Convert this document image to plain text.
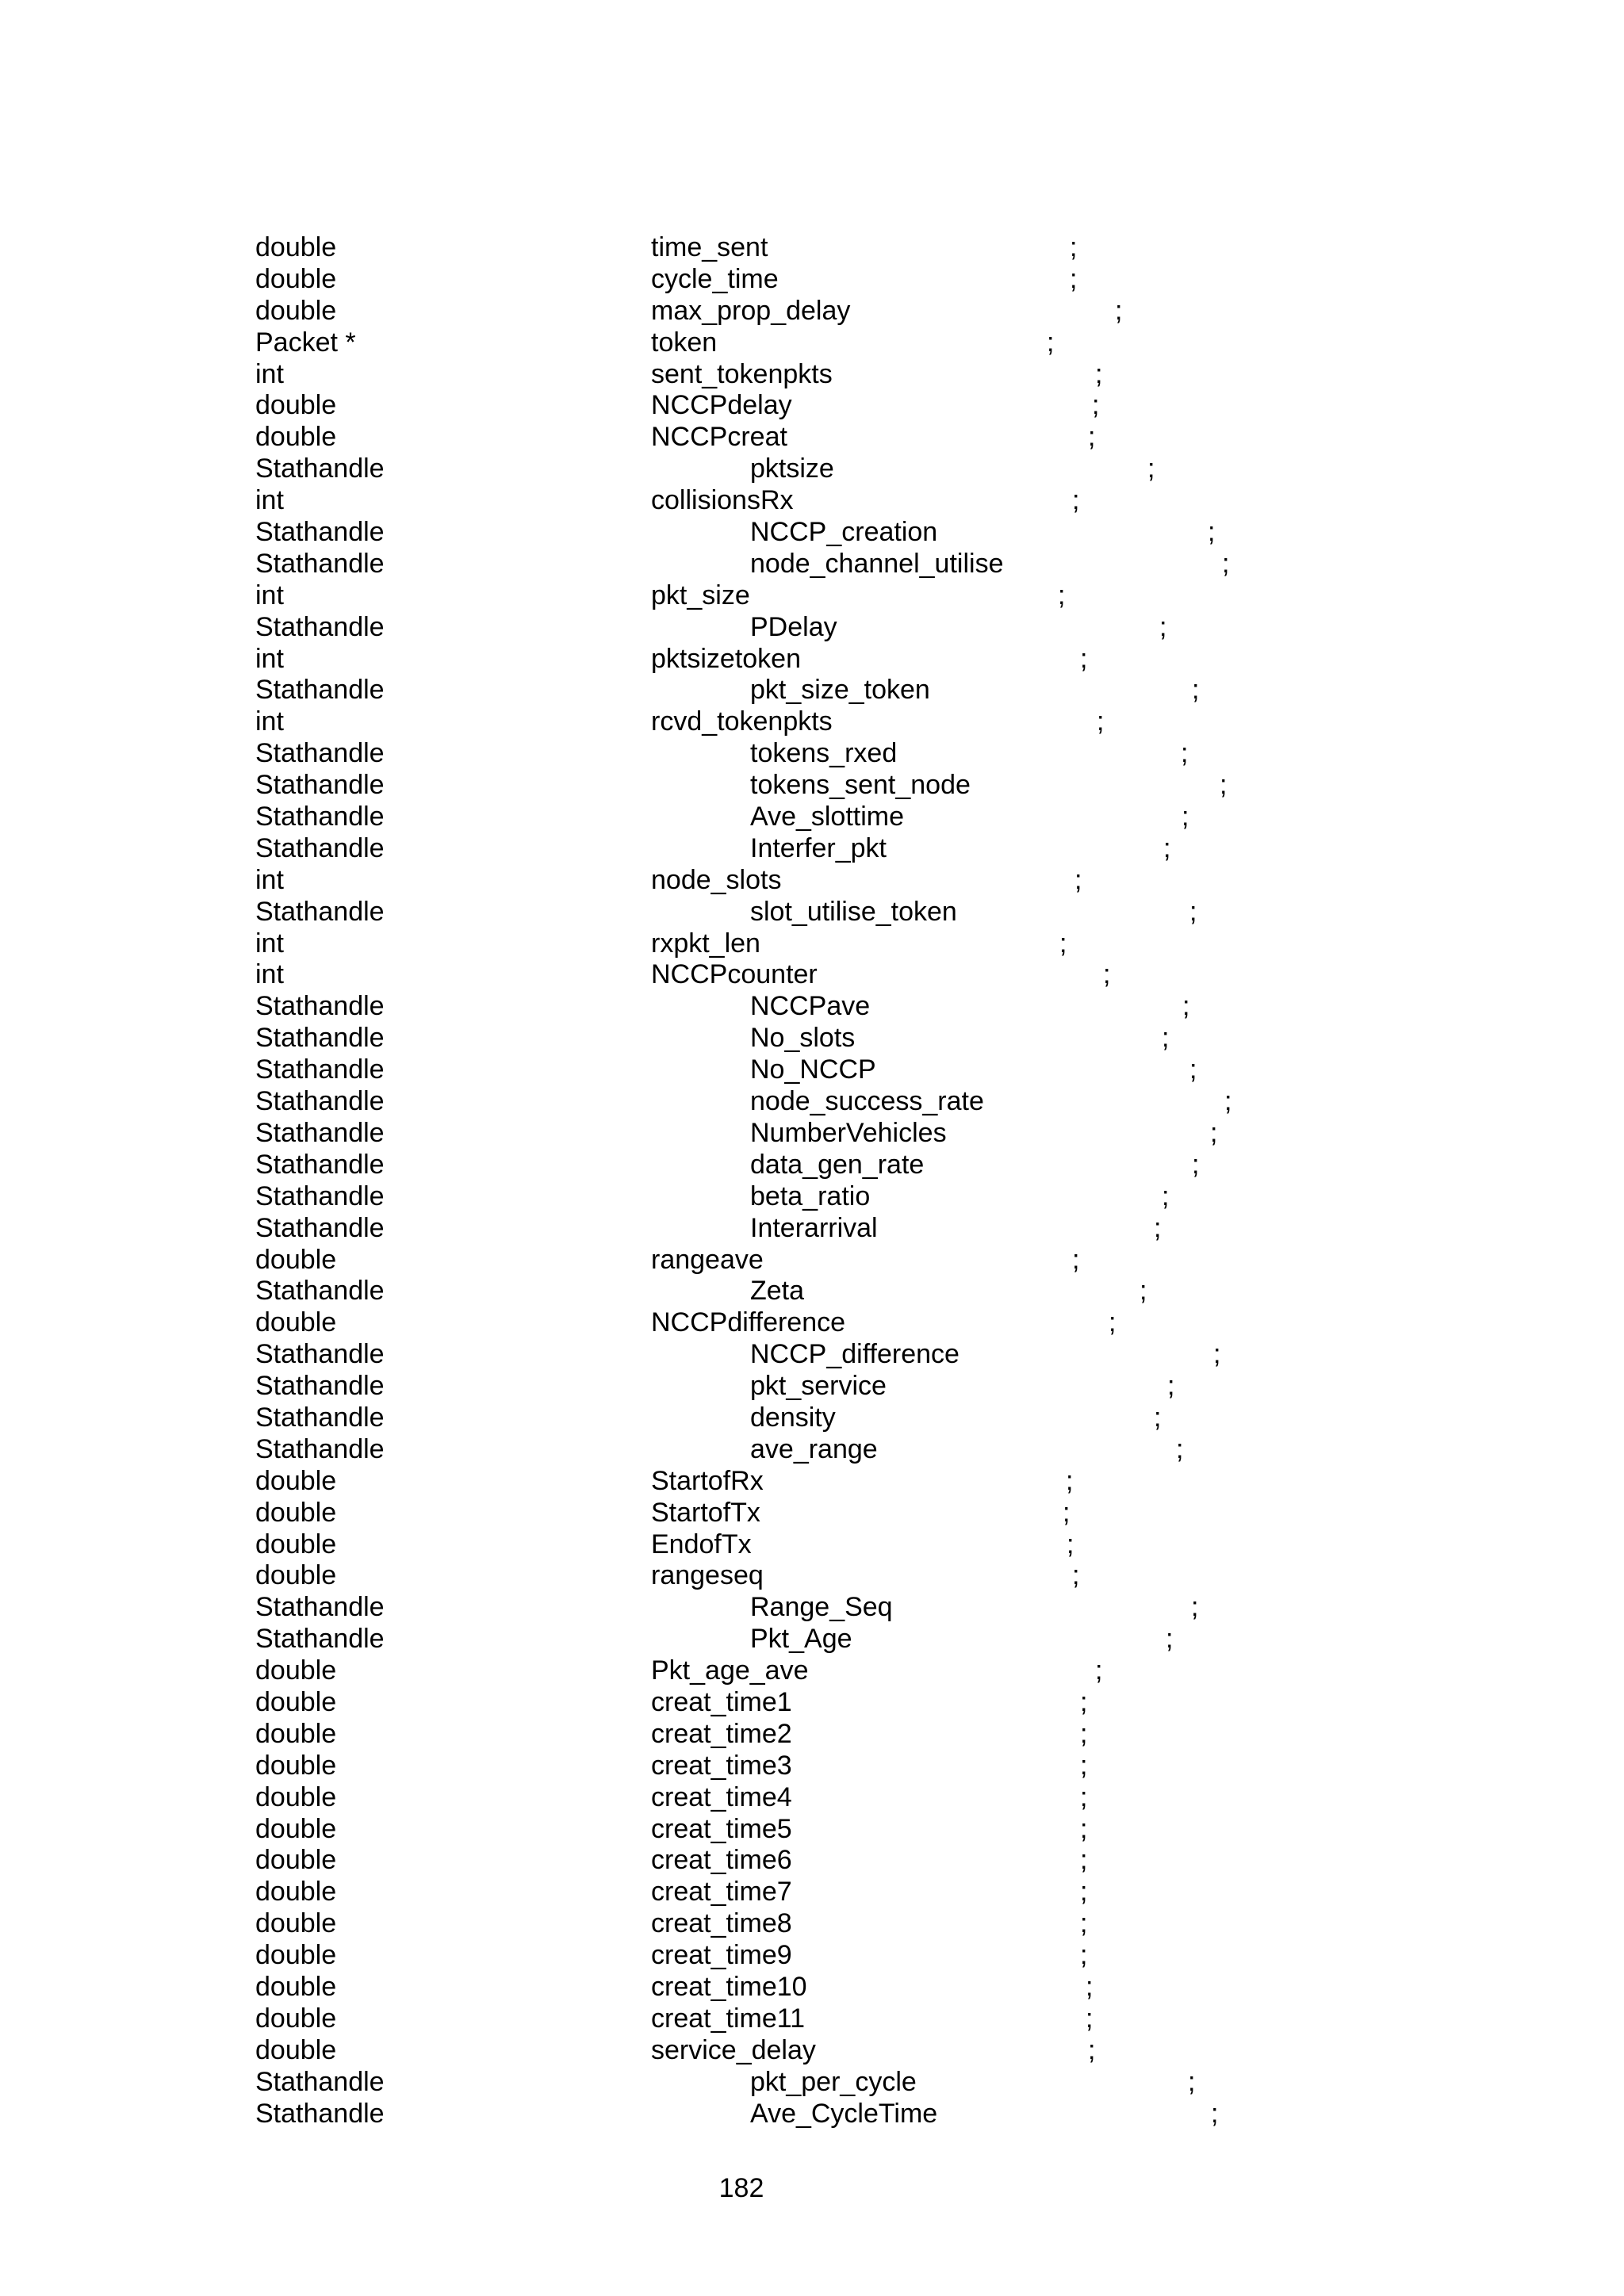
double	time_sent	;
double	cycle_time	;
double	max_prop_delay	;
Packet *	token	;
int	sent_tokenpkts	;
double	NCCPdelay	;
double	NCCPcreat	;
Stathandle	pktsize	;
int	collisionsRx	;
Stathandle	NCCP_creation	;
Stathandle	node_channel_utilise	;
int	pkt_size	;
Stathandle	PDelay	;
int	pktsizetoken	;
Stathandle	pkt_size_token	;
int	rcvd_tokenpkts	;
Stathandle	tokens_rxed	;
Stathandle	tokens_sent_node	;
Stathandle	Ave_slottime	;
Stathandle	Interfer_pkt	;
int	node_slots	;
Stathandle	slot_utilise_token	;
int	rxpkt_len	;
int	NCCPcounter	;
Stathandle	NCCPave	;
Stathandle	No_slots	;
Stathandle	No_NCCP	;
Stathandle	node_success_rate	;
Stathandle	NumberVehicles	;
Stathandle	data_gen_rate	;
Stathandle	beta_ratio	;
Stathandle	Interarrival	;
double	rangeave	;
Stathandle	Zeta	;
double	NCCPdifference	;
Stathandle	NCCP_difference	;
Stathandle	pkt_service	;
Stathandle	density	;
Stathandle	ave_range	;
double	StartofRx	;
double	StartofTx	;
double	EndofTx	;
double	rangeseq	;
Stathandle	Range_Seq	;
Stathandle	Pkt_Age	;
double	Pkt_age_ave	;
double	creat_time1	;
double	creat_time2	;
double	creat_time3	;
double	creat_time4	;
double	creat_time5	;
double	creat_time6	;
double	creat_time7	;
double	creat_time8	;
double	creat_time9	;
double	creat_time10	;
double	creat_time11	;
double	service_delay	;
Stathandle	pkt_per_cycle	;
Stathandle	Ave_CycleTime	;
182
